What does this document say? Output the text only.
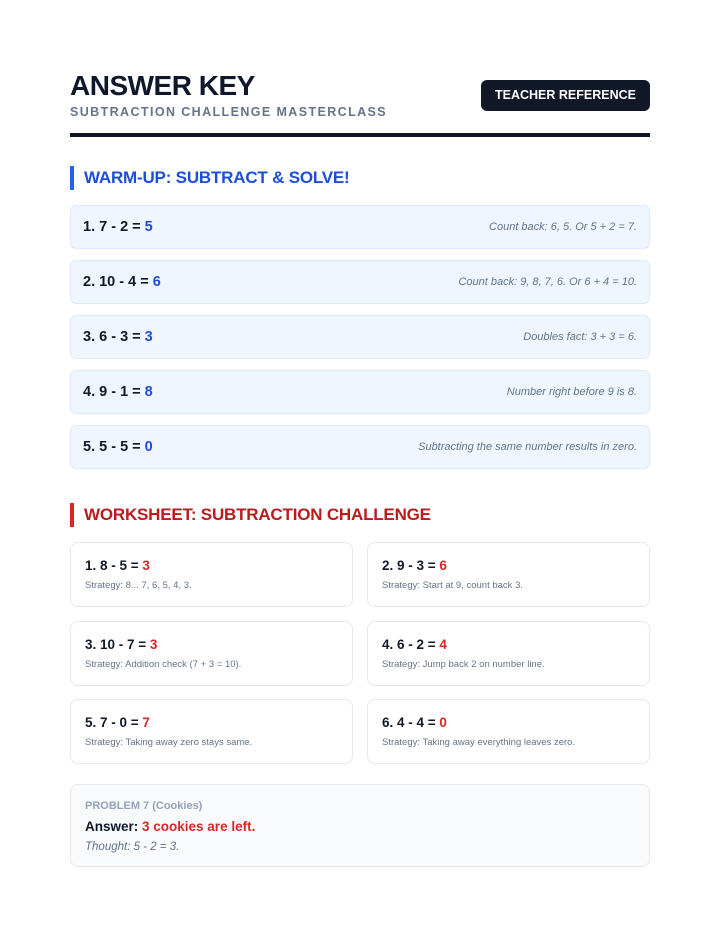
ANSWER KEY
SUBTRACTION CHALLENGE MASTERCLASS
TEACHER REFERENCE
WARM-UP: SUBTRACT & SOLVE!
1. 7 - 2 = 5	Count back: 6, 5. Or 5 + 2 = 7.
2. 10 - 4 = 6	Count back: 9, 8, 7, 6. Or 6 + 4 = 10.
3. 6 - 3 = 3	Doubles fact: 3 + 3 = 6.
4. 9 - 1 = 8	Number right before 9 is 8.
5. 5 - 5 = 0	Subtracting the same number results in zero.
WORKSHEET: SUBTRACTION CHALLENGE
1. 8 - 5 = 3
Strategy: 8... 7, 6, 5, 4, 3.
2. 9 - 3 = 6
Strategy: Start at 9, count back 3.
3. 10 - 7 = 3
Strategy: Addition check (7 + 3 = 10).
4. 6 - 2 = 4
Strategy: Jump back 2 on number line.
5. 7 - 0 = 7
Strategy: Taking away zero stays same.
6. 4 - 4 = 0
Strategy: Taking away everything leaves zero.
PROBLEM 7 (Cookies)
Answer: 3 cookies are left.
Thought: 5 - 2 = 3.
